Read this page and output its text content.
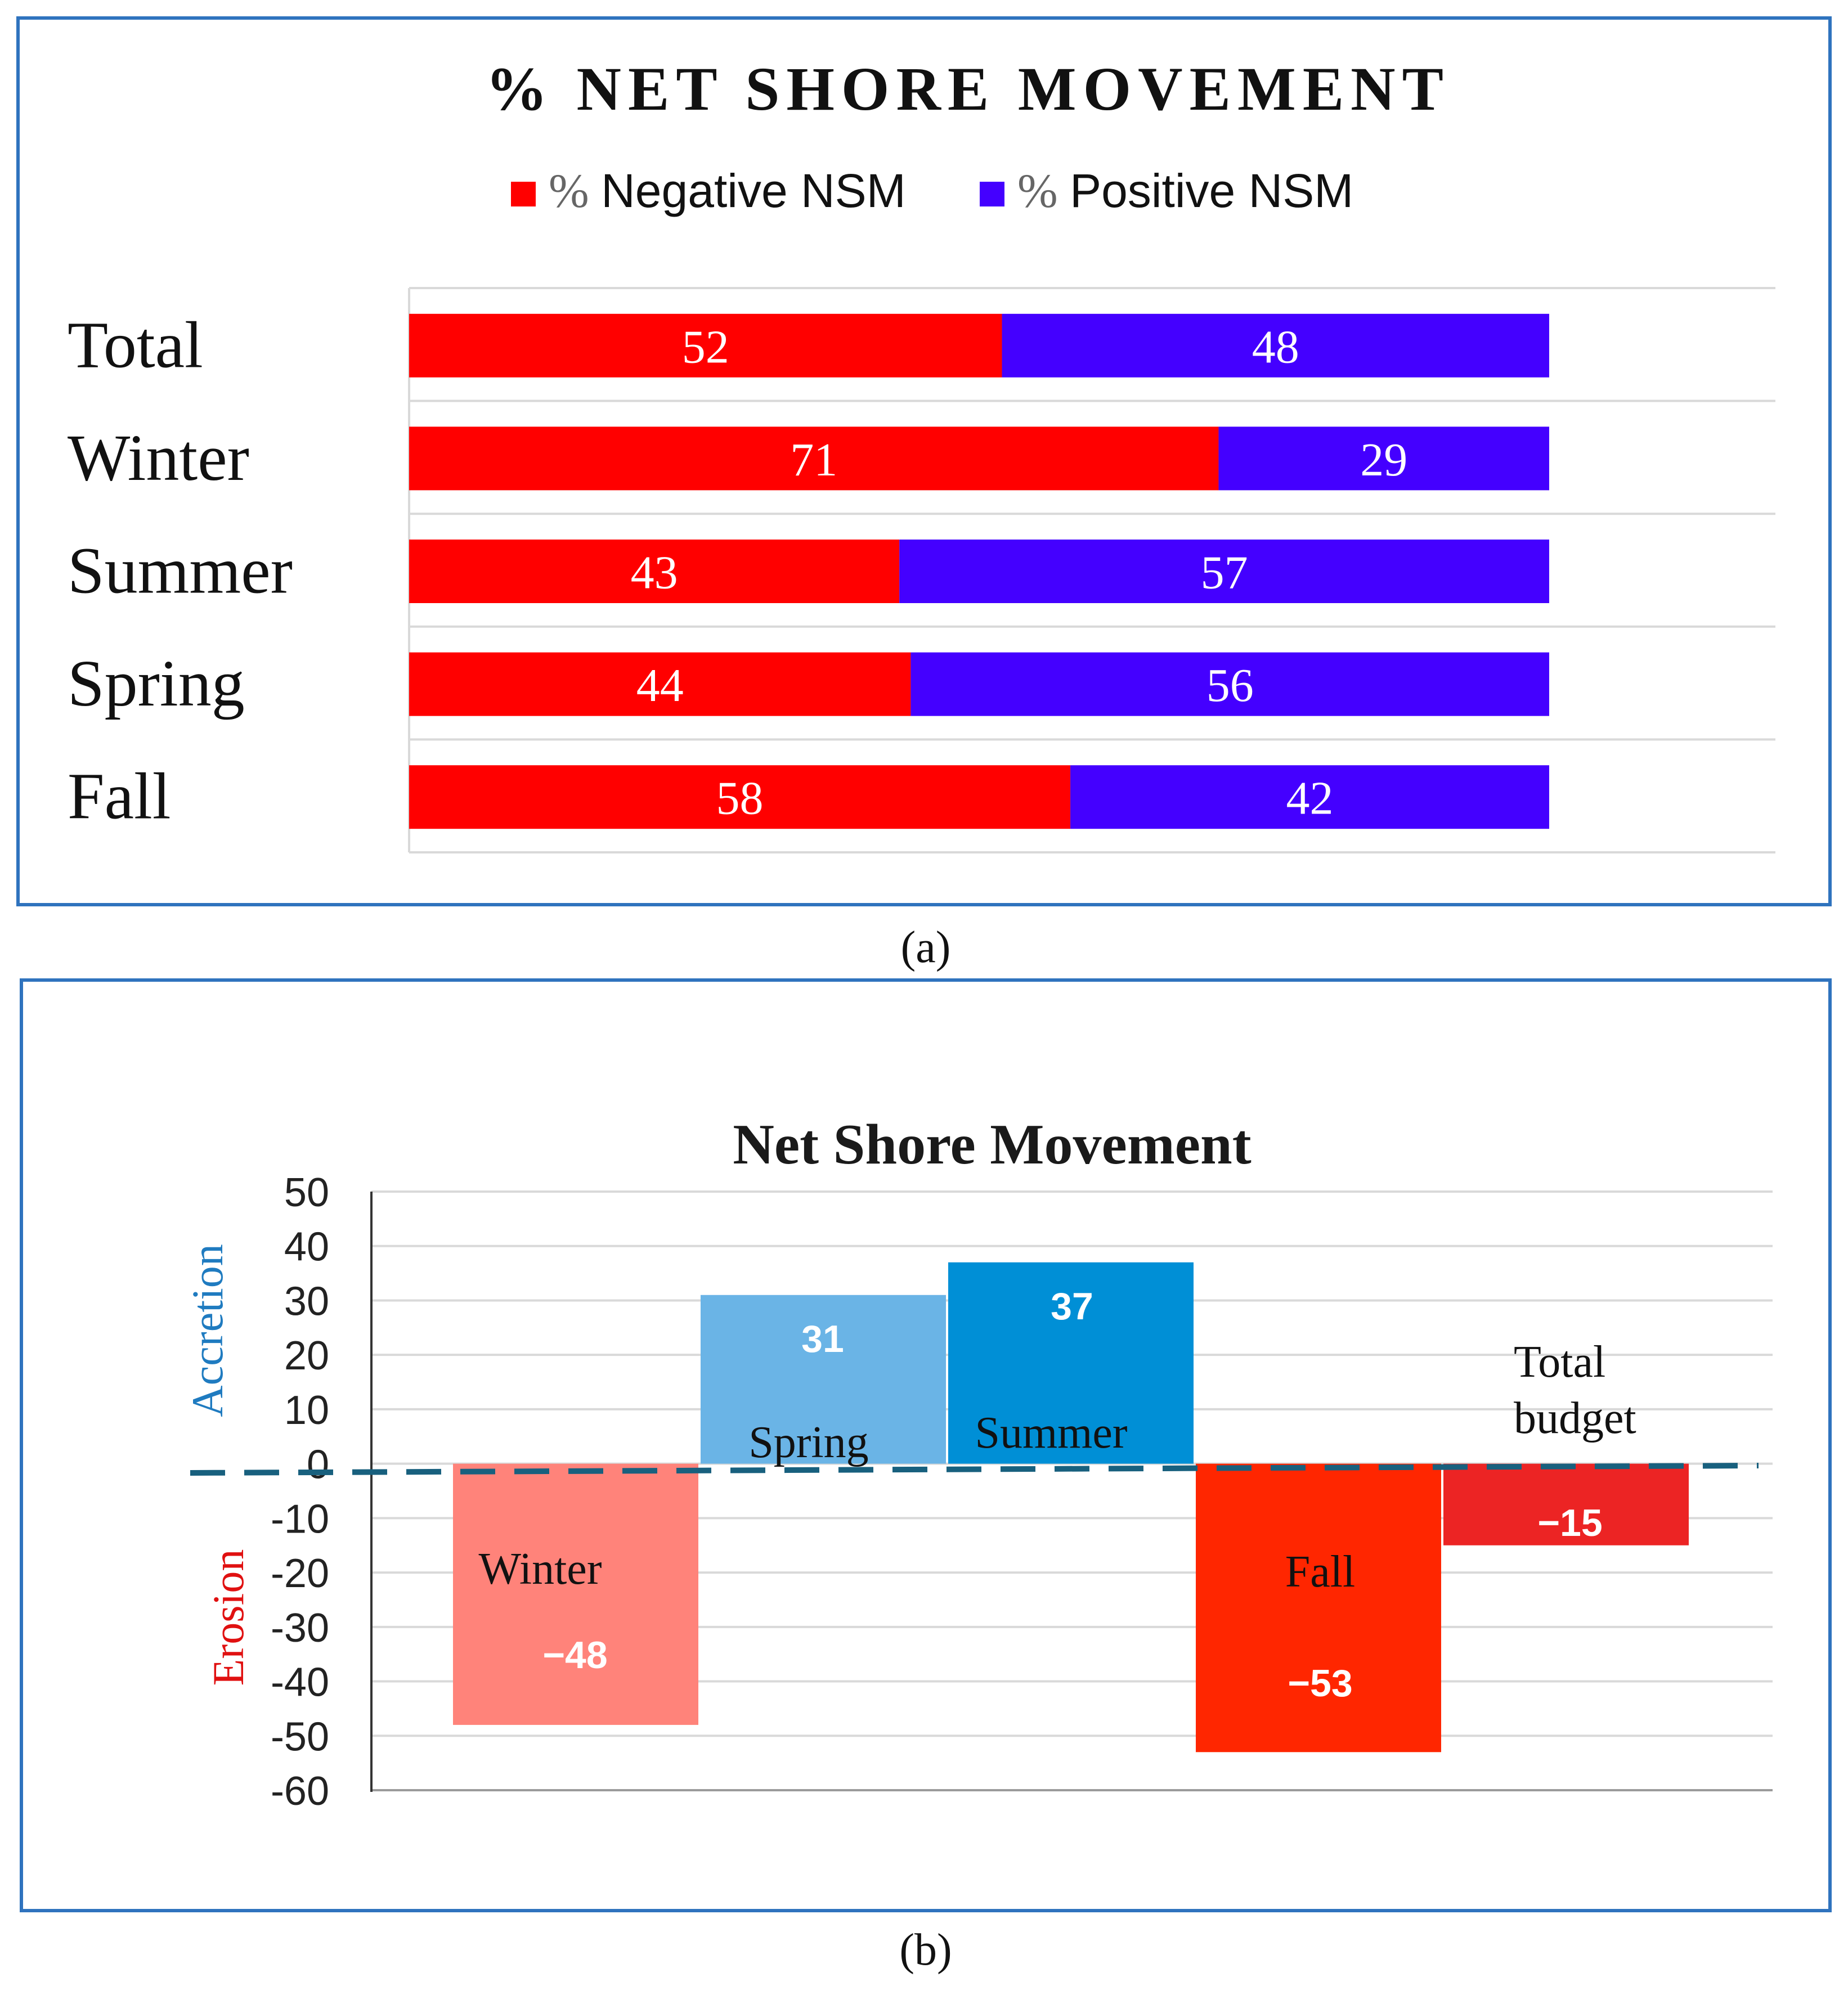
% NET SHORE MOVEMENT
% Negative NSM % Positive NSM
52	48
71	29
43	57
44	56
58	42
Total
Winter
Summer
Spring
Fall
(a)
Net Shore Movement
50
40
30
20
10
0
-10
-20
-30
-40
-50
-60
Winter
−48
Spring
31
Summer
37
Fall
−53
Total budget
−15
Accretion
Erosion
(b)
